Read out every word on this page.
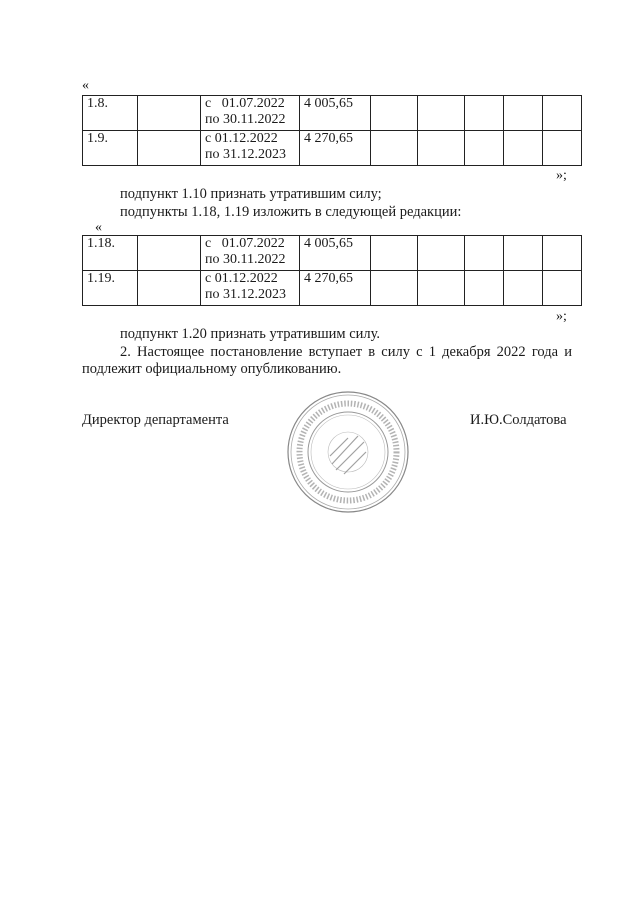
«
1.8.		с   01.07.2022
по 30.11.2022	4 005,65					
1.9.		с 01.12.2022
по 31.12.2023	4 270,65					
»;
подпункт 1.10 признать утратившим силу;
подпункты 1.18, 1.19 изложить в следующей редакции:
«
1.18.		с   01.07.2022
по 30.11.2022	4 005,65					
1.19.		с 01.12.2022
по 31.12.2023	4 270,65					
»;
подпункт 1.20 признать утратившим силу.
2. Настоящее постановление вступает в силу с 1 декабря 2022 года и подлежит официальному опубликованию.
Директор департамента	И.Ю.Солдатова
